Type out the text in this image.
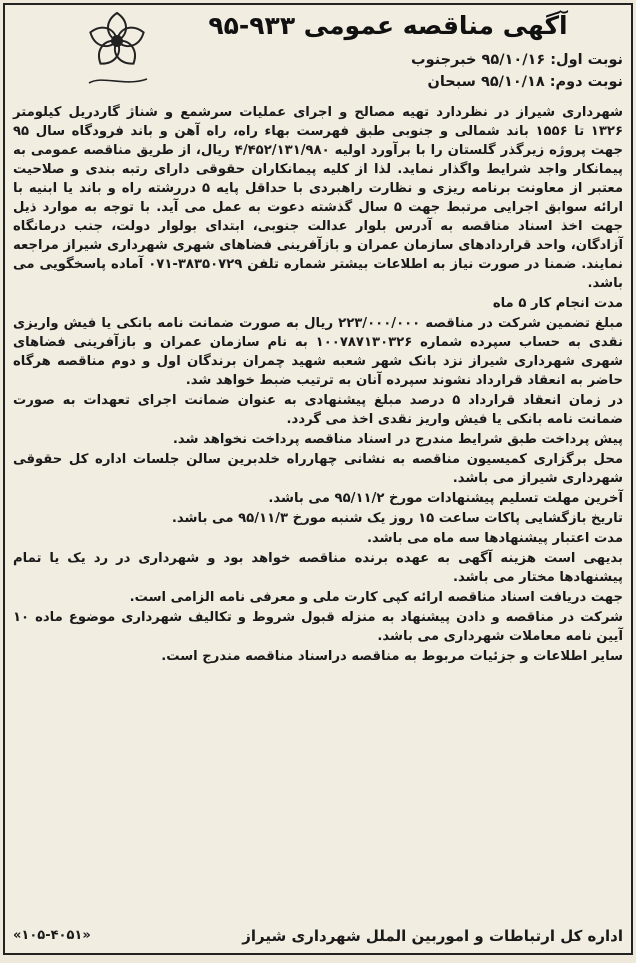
آگهی مناقصه عمومی ۹۳۳-۹۵
نوبت اول: ۹۵/۱۰/۱۶ خبرجنوب
نوبت دوم: ۹۵/۱۰/۱۸ سبحان

شهرداری شیراز در نظردارد تهیه مصالح و اجرای عملیات سرشمع و شناژ گاردریل کیلومتر ۱۳۲۶ تا ۱۵۵۶ باند شمالی و جنوبی طبق فهرست بهاء راه، راه آهن و باند فرودگاه سال ۹۵ جهت پروژه زیرگذر گلستان را با برآورد اولیه ۴/۴۵۲/۱۳۱/۹۸۰ ریال، از طریق مناقصه عمومی به پیمانکار واجد شرایط واگذار نماید. لذا از کلیه پیمانکاران حقوقی دارای رتبه بندی و صلاحیت معتبر از معاونت برنامه ریزی و نظارت راهبردی با حداقل پایه ۵ دررشته راه و باند یا ابنیه با ارائه سوابق اجرایی مرتبط جهت ۵ سال گذشته دعوت به عمل می آید. با توجه به موارد ذیل جهت اخذ اسناد مناقصه به آدرس بلوار عدالت جنوبی، ابتدای بولوار دولت، جنب درمانگاه آزادگان، واحد قراردادهای سازمان عمران و بازآفرینی فضاهای شهری شهرداری شیراز مراجعه نمایند. ضمنا در صورت نیاز به اطلاعات بیشتر شماره تلفن ۳۸۳۵۰۷۲۹-۰۷۱ آماده پاسخگویی می باشد.

مدت انجام کار ۵ ماه

مبلغ تضمین شرکت در مناقصه ۲۲۳/۰۰۰/۰۰۰ ریال به صورت ضمانت نامه بانکی یا فیش واریزی نقدی به حساب سپرده شماره ۱۰۰۷۸۷۱۳۰۳۲۶ به نام سازمان عمران و بازآفرینی فضاهای شهری شهرداری شیراز نزد بانک شهر شعبه شهید چمران برندگان اول و دوم مناقصه هرگاه حاضر به انعقاد قرارداد نشوند سپرده آنان به ترتیب ضبط خواهد شد.

در زمان انعقاد قرارداد ۵ درصد مبلغ پیشنهادی به عنوان ضمانت اجرای تعهدات به صورت ضمانت نامه بانکی یا فیش واریز نقدی اخذ می گردد.

پیش پرداخت طبق شرایط مندرج در اسناد مناقصه پرداخت نخواهد شد.

محل برگزاری کمیسیون مناقصه به نشانی چهارراه خلدبرین سالن جلسات اداره کل حقوقی شهرداری شیراز می باشد.

آخرین مهلت تسلیم پیشنهادات مورخ ۹۵/۱۱/۲ می باشد.

تاریخ بازگشایی پاکات ساعت ۱۵ روز یک شنبه مورخ ۹۵/۱۱/۳ می باشد.

مدت اعتبار پیشنهادها سه ماه می باشد.

بدیهی است هزینه آگهی به عهده برنده مناقصه خواهد بود و شهرداری در رد یک یا تمام پیشنهادها مختار می باشد.

جهت دریافت اسناد مناقصه ارائه کپی کارت ملی و معرفی نامه الزامی است.

شرکت در مناقصه و دادن پیشنهاد به منزله قبول شروط و تکالیف شهرداری موضوع ماده ۱۰ آیین نامه معاملات شهرداری می باشد.

سایر اطلاعات و جزئیات مربوط به مناقصه دراسناد مناقصه مندرج است.

اداره کل ارتباطات و اموربین الملل شهرداری شیراز
«۱۰۵-۴۰۵۱»
